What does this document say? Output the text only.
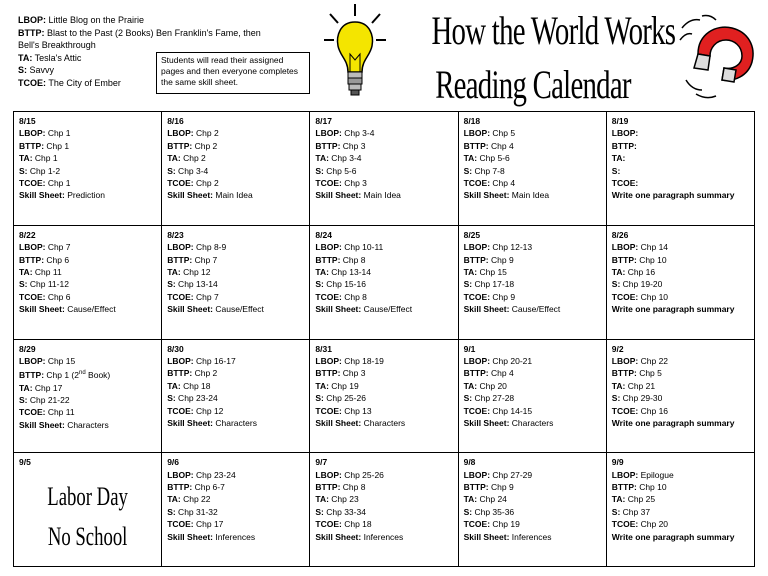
LBOP: Little Blog on the Prairie
BTTP: Blast to the Past (2 Books) Ben Franklin's Fame, then Bell's Breakthrough
TA: Tesla's Attic
S: Savvy
TCOE: The City of Ember
Students will read their assigned pages and then everyone completes the same skill sheet.
How the World Works
Reading Calendar
8/15
LBOP: Chp 1
BTTP: Chp 1
TA: Chp 1
S: Chp 1-2
TCOE: Chp 1
Skill Sheet: Prediction
8/16
LBOP: Chp 2
BTTP: Chp 2
TA: Chp 2
S: Chp 3-4
TCOE: Chp 2
Skill Sheet: Main Idea
8/17
LBOP: Chp 3-4
BTTP: Chp 3
TA: Chp 3-4
S: Chp 5-6
TCOE: Chp 3
Skill Sheet: Main Idea
8/18
LBOP: Chp 5
BTTP: Chp 4
TA: Chp 5-6
S: Chp 7-8
TCOE: Chp 4
Skill Sheet: Main Idea
8/19
LBOP:
BTTP:
TA:
S:
TCOE:
Write one paragraph summary
8/22
LBOP: Chp 7
BTTP: Chp 6
TA: Chp 11
S: Chp 11-12
TCOE: Chp 6
Skill Sheet: Cause/Effect
8/23
LBOP: Chp 8-9
BTTP: Chp 7
TA: Chp 12
S: Chp 13-14
TCOE: Chp 7
Skill Sheet: Cause/Effect
8/24
LBOP: Chp 10-11
BTTP: Chp 8
TA: Chp 13-14
S: Chp 15-16
TCOE: Chp 8
Skill Sheet: Cause/Effect
8/25
LBOP: Chp 12-13
BTTP: Chp 9
TA: Chp 15
S: Chp 17-18
TCOE: Chp 9
Skill Sheet: Cause/Effect
8/26
LBOP: Chp 14
BTTP: Chp 10
TA: Chp 16
S: Chp 19-20
TCOE: Chp 10
Write one paragraph summary
8/29
LBOP: Chp 15
BTTP: Chp 1 (2nd Book)
TA: Chp 17
S: Chp 21-22
TCOE: Chp 11
Skill Sheet: Characters
8/30
LBOP: Chp 16-17
BTTP: Chp 2
TA: Chp 18
S: Chp 23-24
TCOE: Chp 12
Skill Sheet: Characters
8/31
LBOP: Chp 18-19
BTTP: Chp 3
TA: Chp 19
S: Chp 25-26
TCOE: Chp 13
Skill Sheet: Characters
9/1
LBOP: Chp 20-21
BTTP: Chp 4
TA: Chp 20
S: Chp 27-28
TCOE: Chp 14-15
Skill Sheet: Characters
9/2
LBOP: Chp 22
BTTP: Chp 5
TA: Chp 21
S: Chp 29-30
TCOE: Chp 16
Write one paragraph summary
9/5
Labor Day
No School
9/6
LBOP: Chp 23-24
BTTP: Chp 6-7
TA: Chp 22
S: Chp 31-32
TCOE: Chp 17
Skill Sheet: Inferences
9/7
LBOP: Chp 25-26
BTTP: Chp 8
TA: Chp 23
S: Chp 33-34
TCOE: Chp 18
Skill Sheet: Inferences
9/8
LBOP: Chp 27-29
BTTP: Chp 9
TA: Chp 24
S: Chp 35-36
TCOE: Chp 19
Skill Sheet: Inferences
9/9
LBOP: Epilogue
BTTP: Chp 10
TA: Chp 25
S: Chp 37
TCOE: Chp 20
Write one paragraph summary
